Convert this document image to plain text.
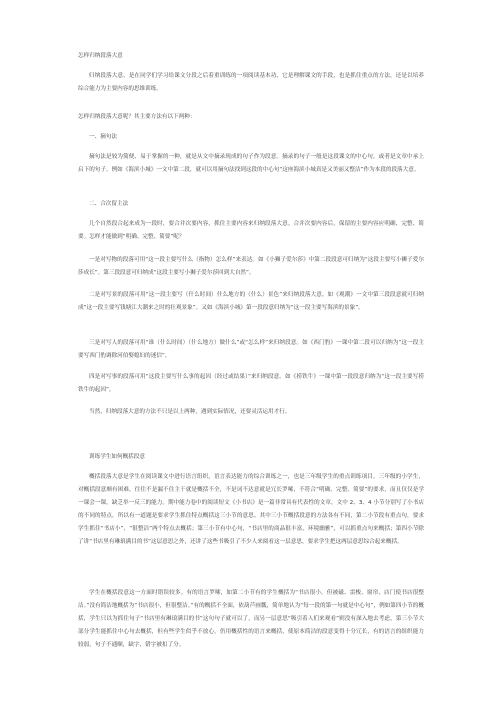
怎样归纳段落大意

归纳段落大意，是在同学们学习给课文分段之后着重训练的一项阅读基本功，它是理解课文的手段，也是抓住重点的方法，还是以培养综合能力为主要内容的思维训练。

怎样归纳段落大意呢？其主要方法有以下两种：

一、摘句法

摘句法是较为简便、易于掌握的一种，就是从文中摘录现成的句子作为段意。摘录的句子一般是这段课文的中心句，或者是文章中承上启下的句子。例如《海滨小城》一文中第二段，就可以用摘句法找到这段的中心句“这座海滨小城真是又美丽又整洁”作为本段的段落大意。

二、合次留主法

几个自然段合起来成为一段时，要合并次要内容，抓住主要内容来归纳段落大意。合并次要内容后，保留的主要内容应明确、完整、简要。怎样才能做到“明确、完整、简要”呢？

一是对写物的段落可用“这一段主要写什么（指物）怎么样”来表达。如《小狮子爱尔莎》中第二段段意可归纳为“这段主要写小狮子爱尔莎成长”。第三段段意可归纳成“这段主要写小狮子爱尔莎回到大自然”。

二是对写景的段落可用“这一段主要写（什么时间）什么地方的（什么）景色”来归纳段落大意。如《观潮》一文中第三段段意就可归纳成“这一段主要写钱塘江大潮来之时的壮观景象”。又如《海滨小城》第一段段意归纳为“这一段主要写海滨的景象”。

三是对写人的段落可用“谁（什么时间）（什么地方）做什么”或“怎么样”来归纳段意。如《西门豹》一课中第二段可以归纳为“这一段主要写西门豹调除河伯娶媳妇的迷信”。

四是对写事的段落可用“这段主要写什么事的起因（经过或结果）”来归纳段意。如《捞铁牛》一课中第一段段意归纳为“这一段主要写捞铁牛的起因”。

当然，归纳段落大意的方法不只是以上两种，遇到实际情况，还要灵活运用才行。

训练学生如何概括段意

概括段落大意是学生在阅读课文中进行语言组织，语言表达能力的综合训练之一，也是三年级学生的重点训练项目。三年级的小学生，对概括段意颇有困难，往往不是漏不住主干就是概括不全，不是词不达意就是冗长罗嗦，不符合“明确、完整、简要”的要求，而且仅仅是学一课会一课，缺乏举一反三的能力。期中能力卷中的阅读短文《小书店》是一篇非常具有代表性的文章，文中 2、3、4 小节分别写了小书店的不同的特点，所以有一道题是要求学生抓住特点概括这三小节的意思。其中三小节概括段意的方法各有不同，第二小节段有重点句，要求学生抓住“书店小”、“很整洁”两个特点去概括；第三小节有中心句，“书店里的商品很丰富，环境幽雅”，可以抓重点句来概括；第四小节除了讲“书店里有琳琅满目的书”这层意思之外，还讲了这些书吸引了不少人来阅看这一层意思，要求学生把这两层意思综合起来概括。

学生在概括段意这一方面时错误较多。有的语言罗嗦，如第二小节有的学生概括为“书店很小，但被磁、雷梭、窗帘、店门使书店很整洁。”没有简洁地概括为“书店很小，但很整洁。”有的概括不全面，依葫芦画瓢，简单地认为“每一段的第一句就是中心句”，例如第四小节的概括，学生只以为抓住句子“书店里有琳琅满目的书”这句句子就可以了，而另一层意思“吸引着人们来观看”则没有深入地去考虑，第三小节大部分学生能抓住中心句去概括，但有些学生似乎不放心，仍用概括性的语言来概括，使原本简洁的段意变得十分冗长，有的语言的组织能力较弱，句子不通顺，缺字，错字被扣了分。
